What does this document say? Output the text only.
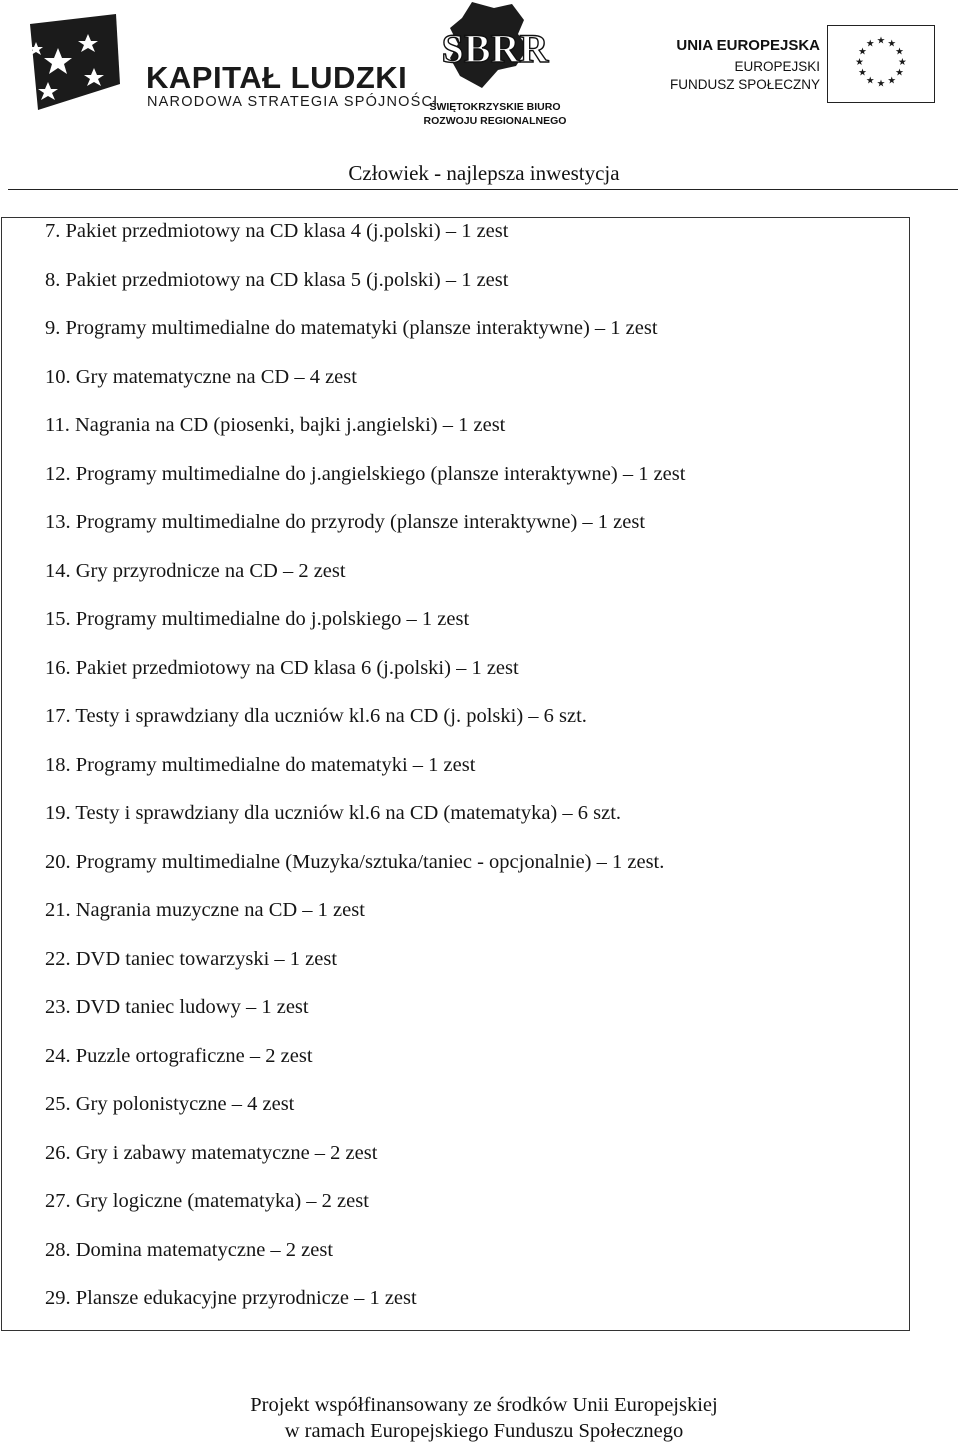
KAPITAŁ LUDZKI
NARODOWA STRATEGIA SPÓJNOŚCI
SBRR
ŚWIĘTOKRZYSKIE BIURO
ROZWOJU REGIONALNEGO
UNIA EUROPEJSKA
EUROPEJSKI
FUNDUSZ SPOŁECZNY
★ ★
★
★
★
★
★
★
★
★
★
★
Człowiek - najlepsza inwestycja
7. Pakiet przedmiotowy na CD klasa 4 (j.polski) – 1 zest
8. Pakiet przedmiotowy na CD klasa 5 (j.polski) – 1 zest
9. Programy multimedialne do matematyki (plansze interaktywne) – 1 zest
10. Gry matematyczne na CD – 4 zest
11. Nagrania na CD (piosenki, bajki j.angielski) – 1 zest
12. Programy multimedialne do j.angielskiego (plansze interaktywne) – 1 zest
13. Programy multimedialne do przyrody (plansze interaktywne) – 1 zest
14. Gry przyrodnicze na CD – 2 zest
15. Programy multimedialne do j.polskiego – 1 zest
16. Pakiet przedmiotowy na CD klasa 6 (j.polski) – 1 zest
17. Testy i sprawdziany dla uczniów kl.6 na CD (j. polski) – 6 szt.
18. Programy multimedialne do matematyki – 1 zest
19. Testy i sprawdziany dla uczniów kl.6 na CD (matematyka) – 6 szt.
20. Programy multimedialne (Muzyka/sztuka/taniec - opcjonalnie) – 1 zest.
21. Nagrania muzyczne na CD – 1 zest
22. DVD taniec towarzyski – 1 zest
23. DVD taniec ludowy – 1 zest
24. Puzzle ortograficzne – 2 zest
25. Gry polonistyczne – 4 zest
26. Gry i zabawy matematyczne – 2 zest
27. Gry logiczne (matematyka) – 2 zest
28. Domina matematyczne – 2 zest
29. Plansze edukacyjne przyrodnicze – 1 zest
Projekt współfinansowany ze środków Unii Europejskiej
w ramach Europejskiego Funduszu Społecznego
